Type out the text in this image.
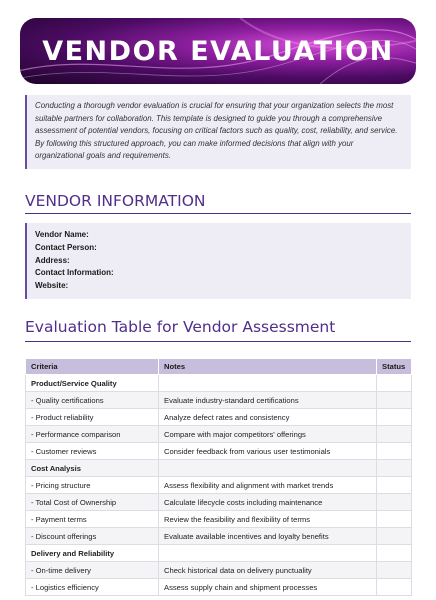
VENDOR EVALUATION
Conducting a thorough vendor evaluation is crucial for ensuring that your organization selects the most suitable partners for collaboration. This template is designed to guide you through a comprehensive assessment of potential vendors, focusing on critical factors such as quality, cost, reliability, and service. By following this structured approach, you can make informed decisions that align with your organizational goals and requirements.
VENDOR INFORMATION
Vendor Name:
Contact Person:
Address:
Contact Information:
Website:
Evaluation Table for Vendor Assessment
Criteria	Notes	Status
Product/Service Quality		
- Quality certifications	Evaluate industry-standard certifications	
- Product reliability	Analyze defect rates and consistency	
- Performance comparison	Compare with major competitors' offerings	
- Customer reviews	Consider feedback from various user testimonials	
Cost Analysis		
- Pricing structure	Assess flexibility and alignment with market trends	
- Total Cost of Ownership	Calculate lifecycle costs including maintenance	
- Payment terms	Review the feasibility and flexibility of terms	
- Discount offerings	Evaluate available incentives and loyalty benefits	
Delivery and Reliability		
- On-time delivery	Check historical data on delivery punctuality	
- Logistics efficiency	Assess supply chain and shipment processes	
